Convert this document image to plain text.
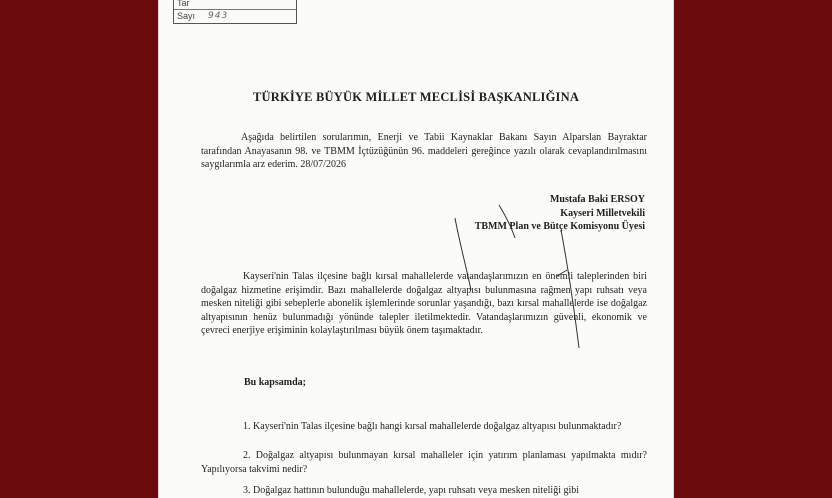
Tar
Sayı 943
TÜRKİYE BÜYÜK MİLLET MECLİSİ BAŞKANLIĞINA
Aşağıda belirtilen sorularımın, Enerji ve Tabii Kaynaklar Bakanı Sayın Alparslan Bayraktar tarafından Anayasanın 98. ve TBMM İçtüzüğünün 96. maddeleri gereğince yazılı olarak cevaplandırılmasını saygılarımla arz ederim. 28/07/2026
Mustafa Baki ERSOY
Kayseri Milletvekili
TBMM Plan ve Bütçe Komisyonu Üyesi
Kayseri'nin Talas ilçesine bağlı kırsal mahallelerde vatandaşlarımızın en önemli taleplerinden biri doğalgaz hizmetine erişimdir. Bazı mahallelerde doğalgaz altyapısı bulunmasına rağmen yapı ruhsatı veya mesken niteliği gibi sebeplerle abonelik işlemlerinde sorunlar yaşandığı, bazı kırsal mahallelerde ise doğalgaz altyapısının henüz bulunmadığı yönünde talepler iletilmektedir. Vatandaşlarımızın güvenli, ekonomik ve çevreci enerjiye erişiminin kolaylaştırılması büyük önem taşımaktadır.
Bu kapsamda;
1. Kayseri'nin Talas ilçesine bağlı hangi kırsal mahallelerde doğalgaz altyapısı bulunmaktadır?
2. Doğalgaz altyapısı bulunmayan kırsal mahalleler için yatırım planlaması yapılmakta mıdır? Yapılıyorsa takvimi nedir?
3. Doğalgaz hattının bulunduğu mahallelerde, yapı ruhsatı veya mesken niteliği gibi
